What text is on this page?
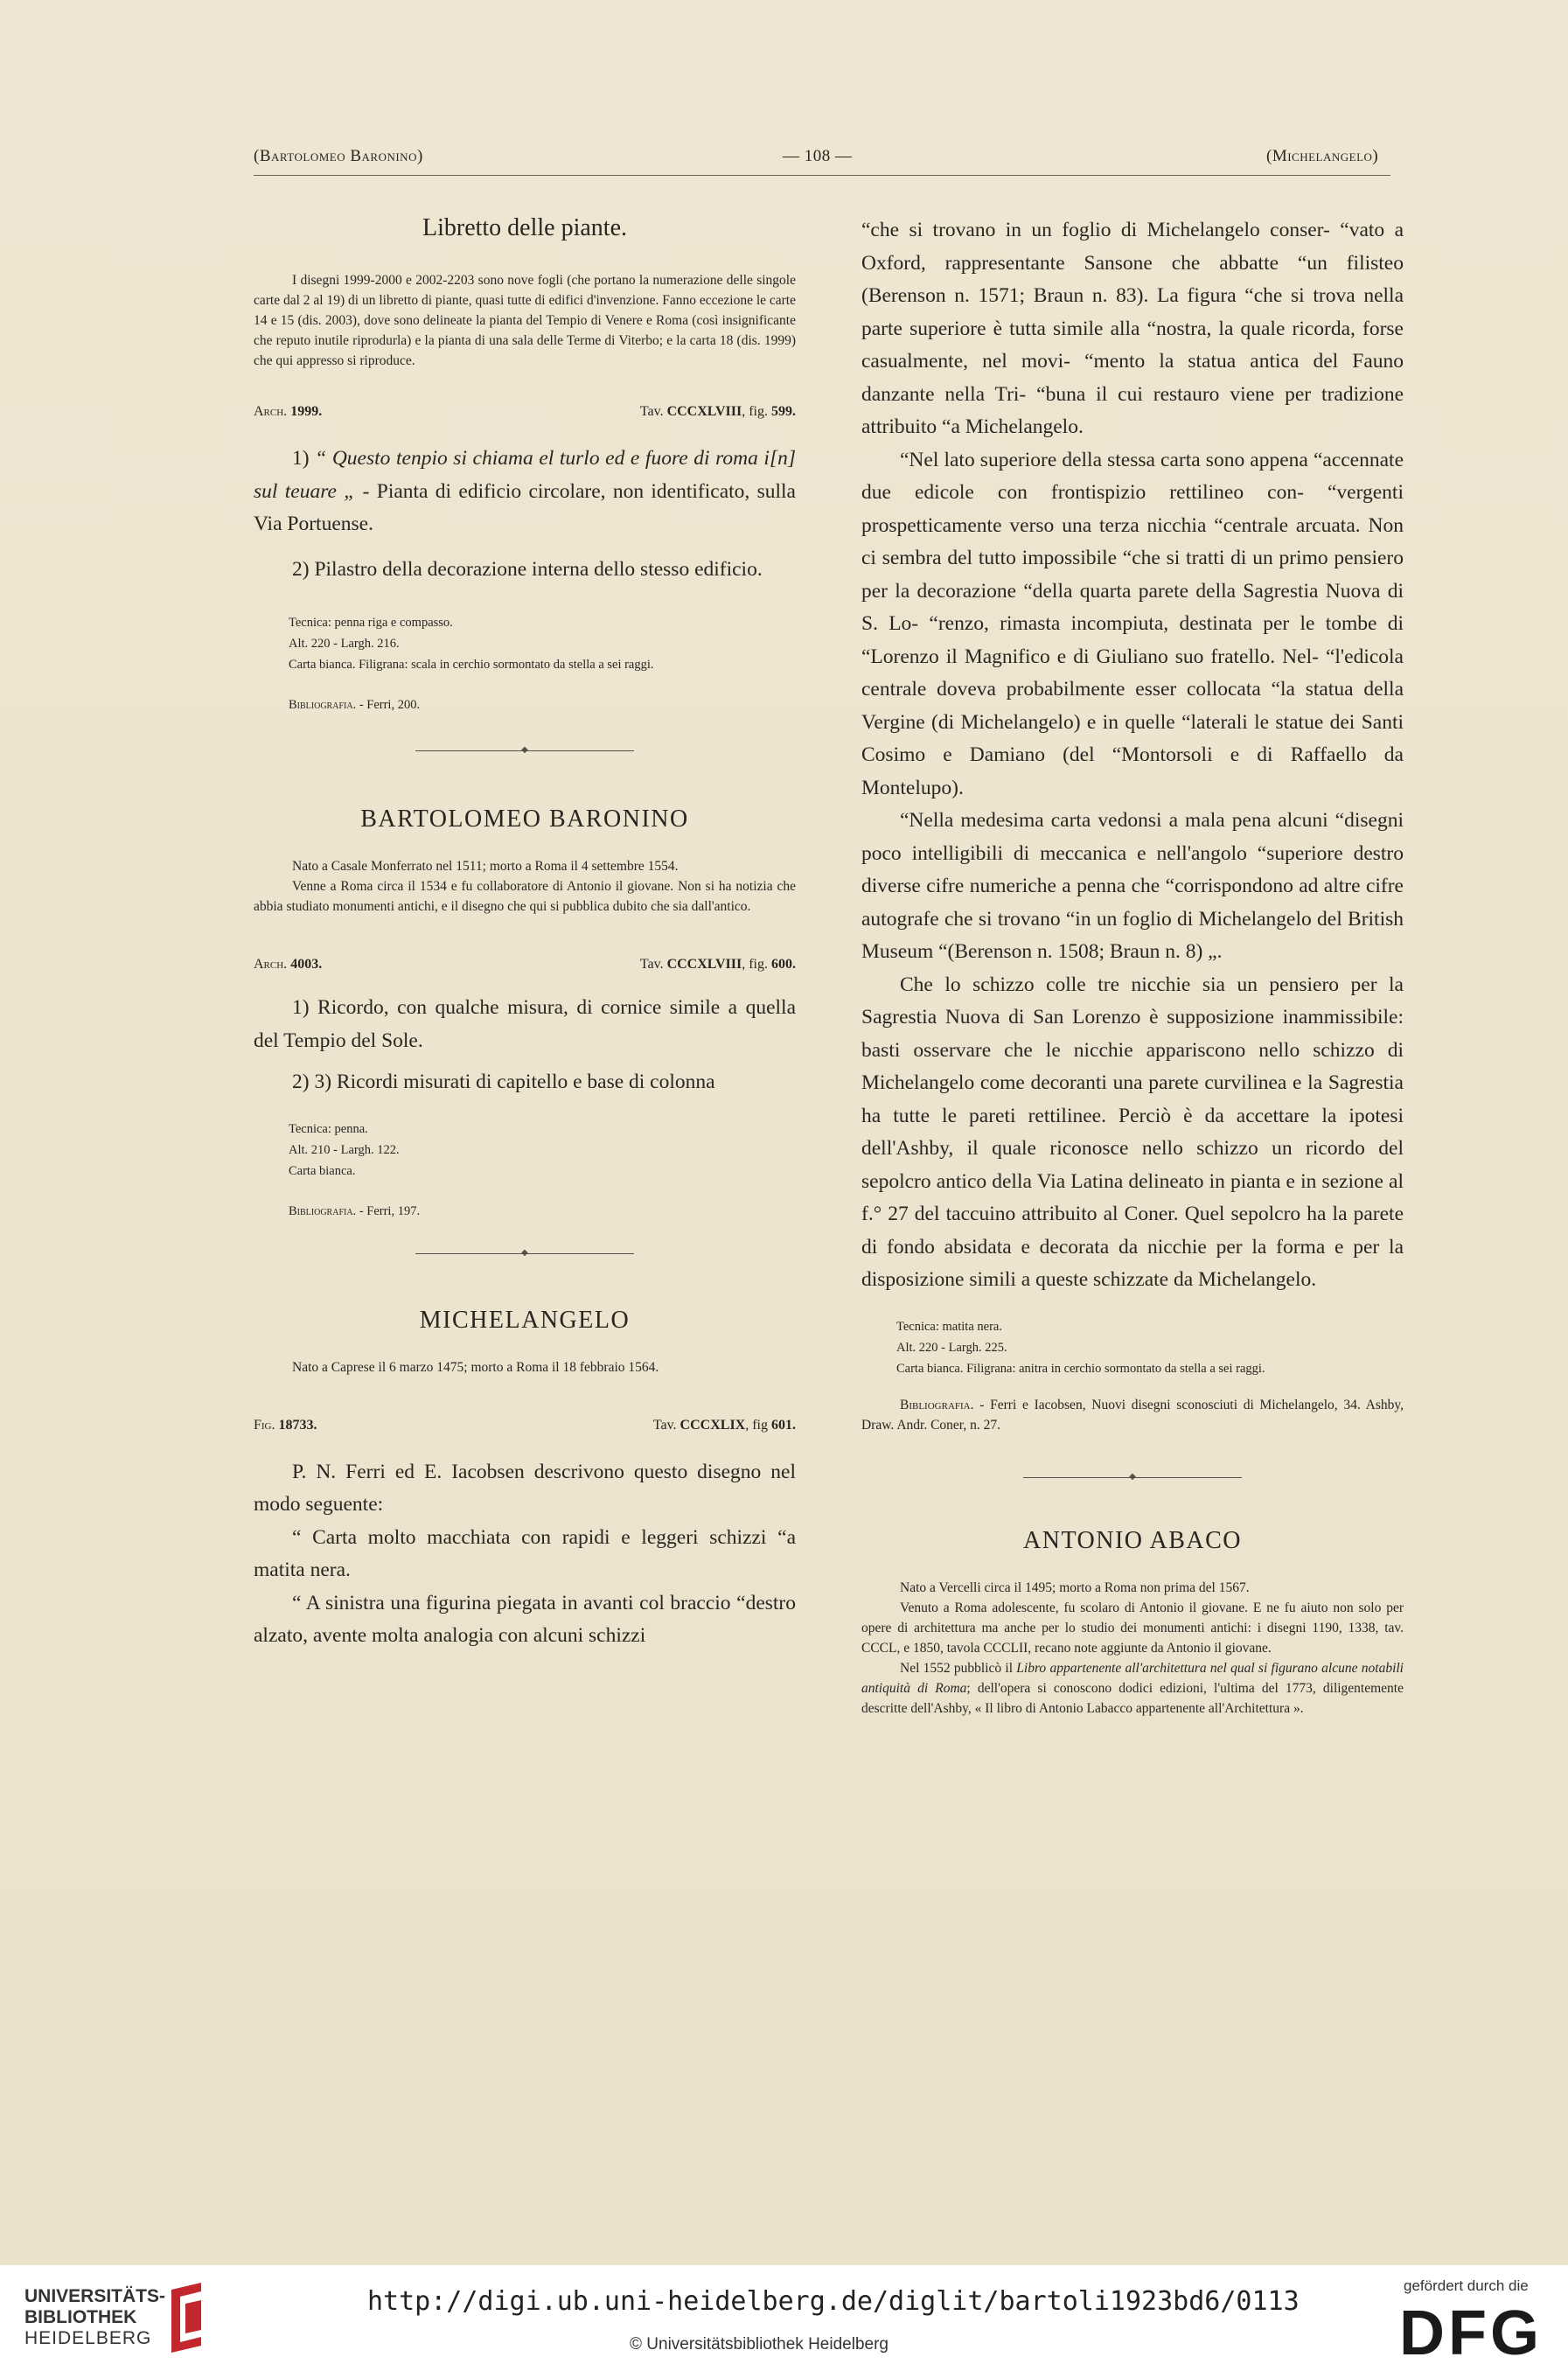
(Bartolomeo Baronino)	— 108 —	(Michelangelo)
Libretto delle piante.

I disegni 1999-2000 e 2002-2203 sono nove fogli (che portano la numerazione delle singole carte dal 2 al 19) di un libretto di piante, quasi tutte di edifici d'invenzione. Fanno eccezione le carte 14 e 15 (dis. 2003), dove sono delineate la pianta del Tempio di Venere e Roma (così insignificante che reputo inutile riprodurla) e la pianta di una sala delle Terme di Viterbo; e la carta 18 (dis. 1999) che qui appresso si riproduce.

Arch. 1999.	Tav. CCCXLVIII, fig. 599.

1) “ Questo tenpio si chiama el turlo ed e fuore di roma i[n] sul teuare „ - Pianta di edificio circolare, non identificato, sulla Via Portuense.

2) Pilastro della decorazione interna dello stesso edificio.

Tecnica: penna riga e compasso.
Alt. 220 - Largh. 216.
Carta bianca. Filigrana: scala in cerchio sormontato da stella a sei raggi.
Bibliografia. - Ferri, 200.
◆
BARTOLOMEO BARONINO

Nato a Casale Monferrato nel 1511; morto a Roma il 4 settembre 1554.

Venne a Roma circa il 1534 e fu collaboratore di Antonio il giovane. Non si ha notizia che abbia studiato monumenti antichi, e il disegno che qui si pubblica dubito che sia dall'antico.

Arch. 4003.	Tav. CCCXLVIII, fig. 600.

1) Ricordo, con qualche misura, di cornice simile a quella del Tempio del Sole.

2) 3) Ricordi misurati di capitello e base di colonna

Tecnica: penna.
Alt. 210 - Largh. 122.
Carta bianca.
Bibliografia. - Ferri, 197.
◆
MICHELANGELO

Nato a Caprese il 6 marzo 1475; morto a Roma il 18 febbraio 1564.

Fig. 18733.	Tav. CCCXLIX, fig 601.

P. N. Ferri ed E. Iacobsen descrivono questo disegno nel modo seguente:

“ Carta molto macchiata con rapidi e leggeri schizzi “a matita nera.

“ A sinistra una figurina piegata in avanti col braccio “destro alzato, avente molta analogia con alcuni schizzi

“che si trovano in un foglio di Michelangelo conser- “vato a Oxford, rappresentante Sansone che abbatte “un filisteo (Berenson n. 1571; Braun n. 83). La figura “che si trova nella parte superiore è tutta simile alla “nostra, la quale ricorda, forse casualmente, nel movi- “mento la statua antica del Fauno danzante nella Tri- “buna il cui restauro viene per tradizione attribuito “a Michelangelo.

“Nel lato superiore della stessa carta sono appena “accennate due edicole con frontispizio rettilineo con- “vergenti prospetticamente verso una terza nicchia “centrale arcuata. Non ci sembra del tutto impossibile “che si tratti di un primo pensiero per la decorazione “della quarta parete della Sagrestia Nuova di S. Lo- “renzo, rimasta incompiuta, destinata per le tombe di “Lorenzo il Magnifico e di Giuliano suo fratello. Nel- “l'edicola centrale doveva probabilmente esser collocata “la statua della Vergine (di Michelangelo) e in quelle “laterali le statue dei Santi Cosimo e Damiano (del “Montorsoli e di Raffaello da Montelupo).

“Nella medesima carta vedonsi a mala pena alcuni “disegni poco intelligibili di meccanica e nell'angolo “superiore destro diverse cifre numeriche a penna che “corrispondono ad altre cifre autografe che si trovano “in un foglio di Michelangelo del British Museum “(Berenson n. 1508; Braun n. 8) „.

Che lo schizzo colle tre nicchie sia un pensiero per la Sagrestia Nuova di San Lorenzo è supposizione inammissibile: basti osservare che le nicchie appariscono nello schizzo di Michelangelo come decoranti una parete curvilinea e la Sagrestia ha tutte le pareti rettilinee. Perciò è da accettare la ipotesi dell'Ashby, il quale riconosce nello schizzo un ricordo del sepolcro antico della Via Latina delineato in pianta e in sezione al f.° 27 del taccuino attribuito al Coner. Quel sepolcro ha la parete di fondo absidata e decorata da nicchie per la forma e per la disposizione simili a queste schizzate da Michelangelo.

Tecnica: matita nera.
Alt. 220 - Largh. 225.
Carta bianca. Filigrana: anitra in cerchio sormontato da stella a sei raggi.

Bibliografia. - Ferri e Iacobsen, Nuovi disegni sconosciuti di Michelangelo, 34. Ashby, Draw. Andr. Coner, n. 27.

◆
ANTONIO ABACO

Nato a Vercelli circa il 1495; morto a Roma non prima del 1567.

Venuto a Roma adolescente, fu scolaro di Antonio il giovane. E ne fu aiuto non solo per opere di architettura ma anche per lo studio dei monumenti antichi: i disegni 1190, 1338, tav. CCCL, e 1850, tavola CCCLII, recano note aggiunte da Antonio il giovane.

Nel 1552 pubblicò il Libro appartenente all'architettura nel qual si figurano alcune notabili antiquità di Roma; dell'opera si conoscono dodici edizioni, l'ultima del 1773, diligentemente descritte dell'Ashby, « Il libro di Antonio Labacco appartenente all'Architettura ».

UNIVERSITÄTS-
BIBLIOTHEK
HEIDELBERG
http://digi.ub.uni-heidelberg.de/diglit/bartoli1923bd6/0113
© Universitätsbibliothek Heidelberg
gefördert durch die
DFG
